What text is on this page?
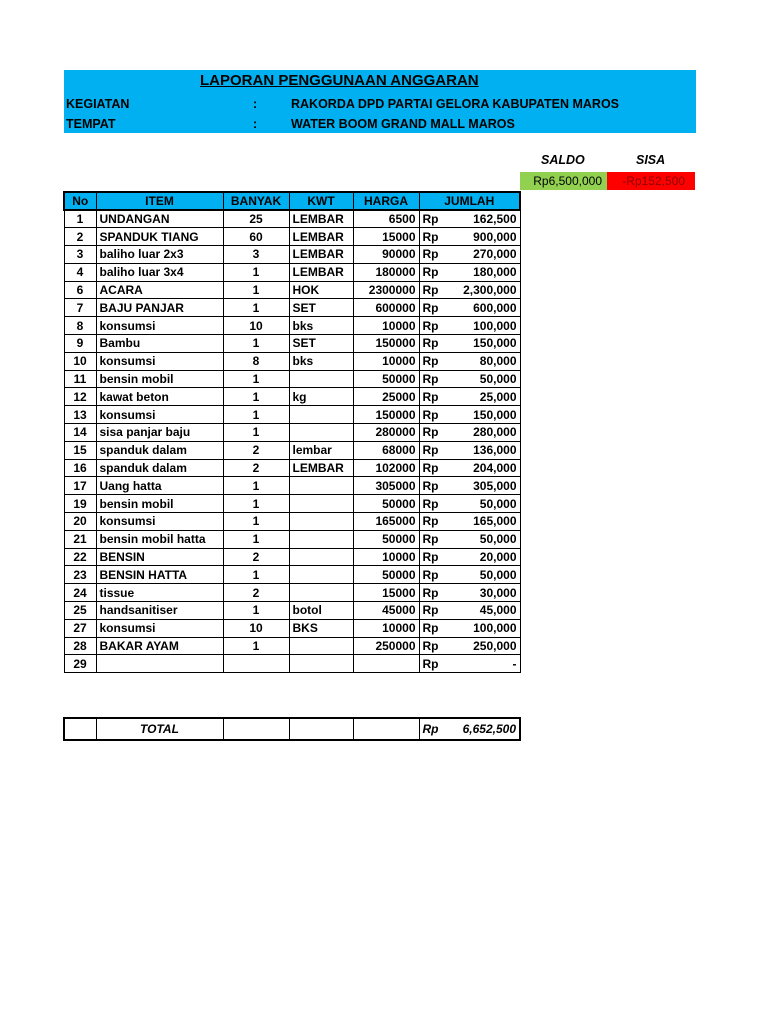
LAPORAN PENGGUNAAN ANGGARAN
KEGIATAN	:	RAKORDA DPD PARTAI GELORA KABUPATEN MAROS
TEMPAT	:	WATER BOOM GRAND MALL MAROS
SALDO	SISA
Rp6,500,000	-Rp152,500
No	ITEM	BANYAK	KWT	HARGA	JUMLAH	
1	UNDANGAN	25	LEMBAR	6500	Rp	162,500
2	SPANDUK TIANG	60	LEMBAR	15000	Rp	900,000
3	baliho luar 2x3	3	LEMBAR	90000	Rp	270,000
4	baliho luar 3x4	1	LEMBAR	180000	Rp	180,000
6	ACARA	1	HOK	2300000	Rp	2,300,000
7	BAJU PANJAR	1	SET	600000	Rp	600,000
8	konsumsi	10	bks	10000	Rp	100,000
9	Bambu	1	SET	150000	Rp	150,000
10	konsumsi	8	bks	10000	Rp	80,000
11	bensin mobil	1		50000	Rp	50,000
12	kawat beton	1	kg	25000	Rp	25,000
13	konsumsi	1		150000	Rp	150,000
14	sisa panjar baju	1		280000	Rp	280,000
15	spanduk dalam	2	lembar	68000	Rp	136,000
16	spanduk dalam	2	LEMBAR	102000	Rp	204,000
17	Uang hatta	1		305000	Rp	305,000
19	bensin mobil	1		50000	Rp	50,000
20	konsumsi	1		165000	Rp	165,000
21	bensin mobil hatta	1		50000	Rp	50,000
22	BENSIN	2		10000	Rp	20,000
23	BENSIN HATTA	1		50000	Rp	50,000
24	tissue	2		15000	Rp	30,000
25	handsanitiser	1	botol	45000	Rp	45,000
27	konsumsi	10	BKS	10000	Rp	100,000
28	BAKAR AYAM	1		250000	Rp	250,000
29					Rp	-
	TOTAL				Rp	6,652,500
